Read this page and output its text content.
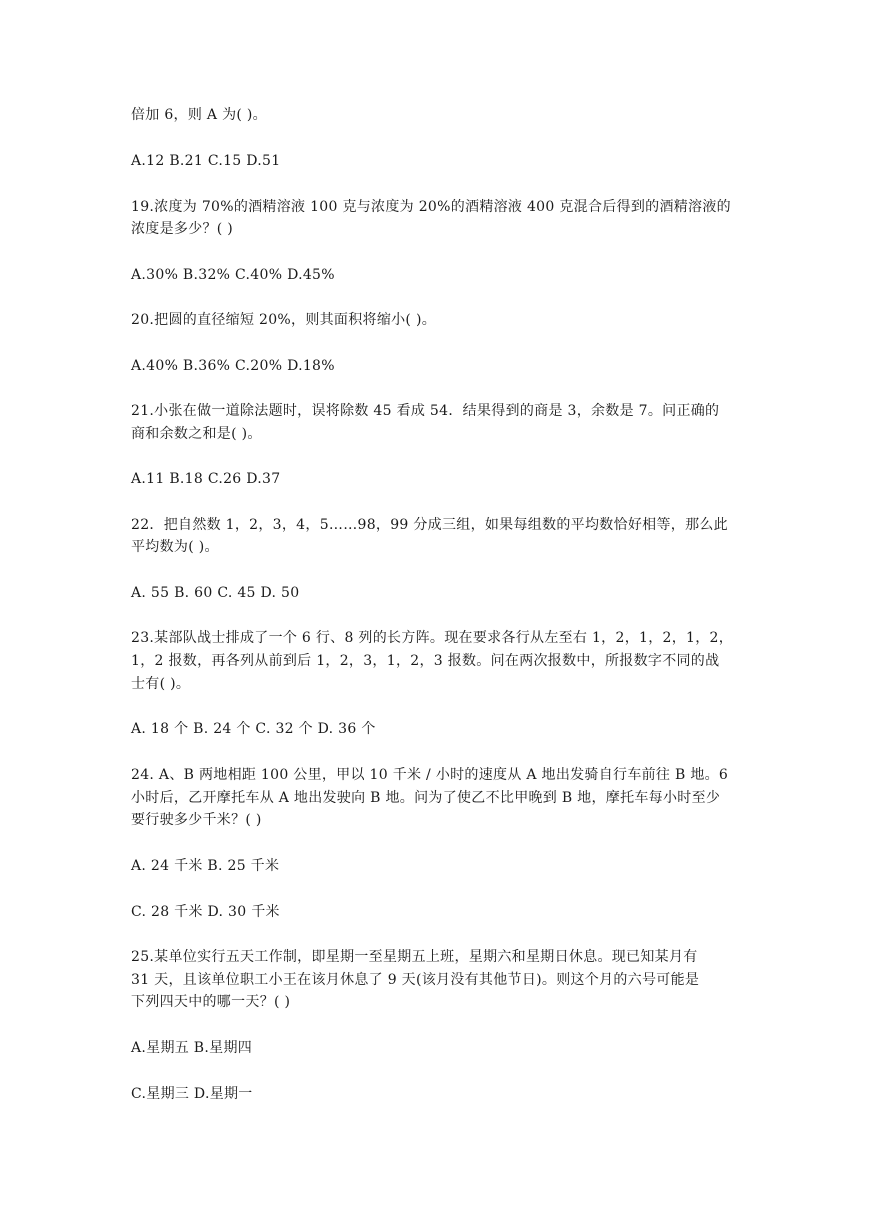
倍加 6，则 A 为( )。
A.12 B.21 C.15 D.51
19.浓度为 70%的酒精溶液 100 克与浓度为 20%的酒精溶液 400 克混合后得到的酒精溶液的
浓度是多少？( )
A.30% B.32% C.40% D.45%
20.把圆的直径缩短 20%，则其面积将缩小( )。
A.40% B.36% C.20% D.18%
21.小张在做一道除法题时，误将除数 45 看成 54．结果得到的商是 3，余数是 7。问正确的
商和余数之和是( )。
A.11 B.18 C.26 D.37
22．把自然数 1，2，3，4，5……98，99 分成三组，如果每组数的平均数恰好相等，那么此
平均数为( )。
A. 55 B. 60 C. 45 D. 50
23.某部队战士排成了一个 6 行、8 列的长方阵。现在要求各行从左至右 1，2，1，2，1，2，
1，2 报数，再各列从前到后 1，2，3，1，2，3 报数。问在两次报数中，所报数字不同的战
士有( )。
A. 18 个 B. 24 个 C. 32 个 D. 36 个
24. A、B 两地相距 100 公里，甲以 10 千米 / 小时的速度从 A 地出发骑自行车前往 B 地。6
小时后，乙开摩托车从 A 地出发驶向 B 地。问为了使乙不比甲晚到 B 地，摩托车每小时至少
要行驶多少千米？( )
A. 24 千米 B. 25 千米
C. 28 千米 D. 30 千米
25.某单位实行五天工作制，即星期一至星期五上班，星期六和星期日休息。现已知某月有
31 天，且该单位职工小王在该月休息了 9 天(该月没有其他节日)。则这个月的六号可能是
下列四天中的哪一天？( )
A.星期五 B.星期四
C.星期三 D.星期一
